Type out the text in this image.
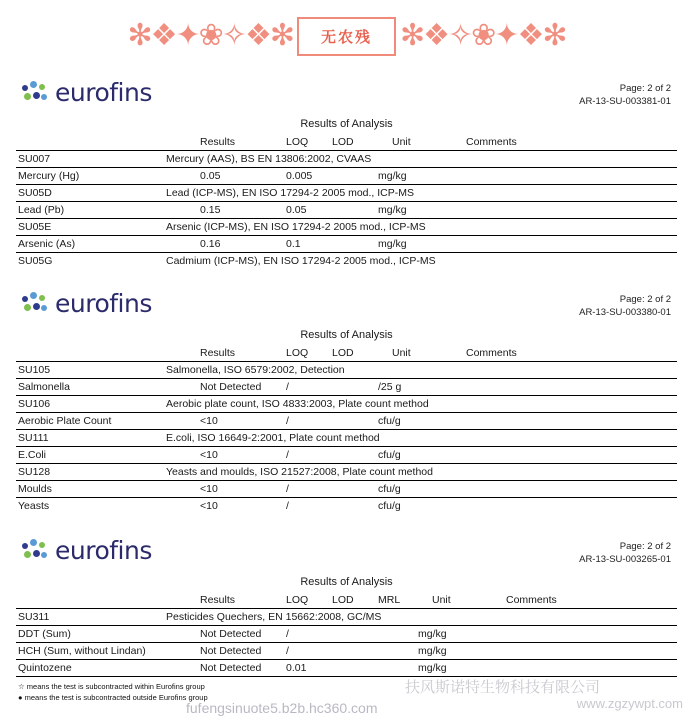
✻❖✦❀✧❖✻	无农残 ✻❖✧❀✦❖✻
eurofins	Page: 2 of 2
AR-13-SU-003381-01
Results of Analysis
	Results	LOQ	LOD	Unit	Comments
SU007	Mercury (AAS), BS EN 13806:2002, CVAAS				
Mercury (Hg)	0.05	0.005		mg/kg	
SU05D	Lead (ICP-MS), EN ISO 17294-2 2005 mod., ICP-MS				
Lead (Pb)	0.15	0.05		mg/kg	
SU05E	Arsenic (ICP-MS), EN ISO 17294-2 2005 mod., ICP-MS				
Arsenic (As)	0.16	0.1		mg/kg	
SU05G	Cadmium (ICP-MS), EN ISO 17294-2 2005 mod., ICP-MS				
eurofins	Page: 2 of 2
AR-13-SU-003380-01
Results of Analysis
	Results	LOQ	LOD	Unit	Comments
SU105	Salmonella, ISO 6579:2002, Detection				
Salmonella	Not Detected	/		/25 g	
SU106	Aerobic plate count, ISO 4833:2003, Plate count method				
Aerobic Plate Count	<10	/		cfu/g	
SU111	E.coli, ISO 16649-2:2001, Plate count method				
E.Coli	<10	/		cfu/g	
SU128	Yeasts and moulds, ISO 21527:2008, Plate count method				
Moulds	<10	/		cfu/g	
Yeasts	<10	/		cfu/g	
eurofins	Page: 2 of 2
AR-13-SU-003265-01
Results of Analysis
	Results	LOQ	LOD	MRL	Unit	Comments
SU311	Pesticides Quechers, EN 15662:2008, GC/MS					
DDT (Sum)	Not Detected	/			mg/kg	
HCH (Sum, without Lindan)	Not Detected	/			mg/kg	
Quintozene	Not Detected	0.01			mg/kg	

☆ means the test is subcontracted within Eurofins group
● means the test is subcontracted outside Eurofins group
扶风斯诺特生物科技有限公司
fufengsinuote5.b2b.hc360.com	www.zgzywpt.com
